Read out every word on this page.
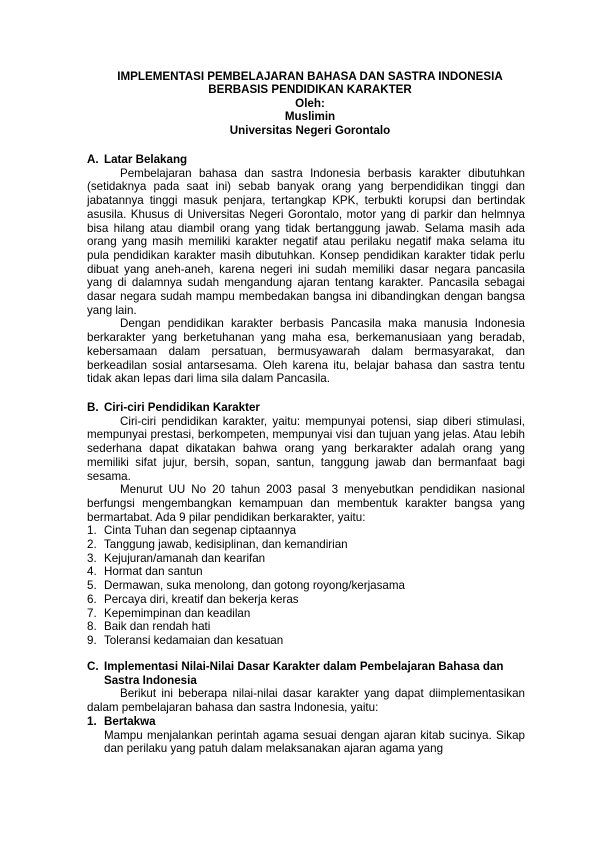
IMPLEMENTASI PEMBELAJARAN BAHASA DAN SASTRA INDONESIA
BERBASIS PENDIDIKAN KARAKTER
Oleh:
Muslimin
Universitas Negeri Gorontalo
A. Latar Belakang

Pembelajaran bahasa dan sastra Indonesia berbasis karakter dibutuhkan (setidaknya pada saat ini) sebab banyak orang yang berpendidikan tinggi dan jabatannya tinggi masuk penjara, tertangkap KPK, terbukti korupsi dan bertindak asusila. Khusus di Universitas Negeri Gorontalo, motor yang di parkir dan helmnya bisa hilang atau diambil orang yang tidak bertanggung jawab. Selama masih ada orang yang masih memiliki karakter negatif atau perilaku negatif maka selama itu pula pendidikan karakter masih dibutuhkan. Konsep pendidikan karakter tidak perlu dibuat yang aneh-aneh, karena negeri ini sudah memiliki dasar negara pancasila yang di dalamnya sudah mengandung ajaran tentang karakter. Pancasila sebagai dasar negara sudah mampu membedakan bangsa ini dibandingkan dengan bangsa yang lain.

Dengan pendidikan karakter berbasis Pancasila maka manusia Indonesia berkarakter yang berketuhanan yang maha esa, berkemanusiaan yang beradab, kebersamaan dalam persatuan, bermusyawarah dalam bermasyarakat, dan berkeadilan sosial antarsesama. Oleh karena itu, belajar bahasa dan sastra tentu tidak akan lepas dari lima sila dalam Pancasila.

B. Ciri-ciri Pendidikan Karakter

Ciri-ciri pendidikan karakter, yaitu: mempunyai potensi, siap diberi stimulasi, mempunyai prestasi, berkompeten, mempunyai visi dan tujuan yang jelas. Atau lebih sederhana dapat dikatakan bahwa orang yang berkarakter adalah orang yang memiliki sifat jujur, bersih, sopan, santun, tanggung jawab dan bermanfaat bagi sesama.

Menurut UU No 20 tahun 2003 pasal 3 menyebutkan pendidikan nasional berfungsi mengembangkan kemampuan dan membentuk karakter bangsa yang bermartabat. Ada 9 pilar pendidikan berkarakter, yaitu:

1. Cinta Tuhan dan segenap ciptaannya
2. Tanggung jawab, kedisiplinan, dan kemandirian
3. Kejujuran/amanah dan kearifan
4. Hormat dan santun
5. Dermawan, suka menolong, dan gotong royong/kerjasama
6. Percaya diri, kreatif dan bekerja keras
7. Kepemimpinan dan keadilan
8. Baik dan rendah hati
9. Toleransi kedamaian dan kesatuan
C. Implementasi Nilai-Nilai Dasar Karakter dalam Pembelajaran Bahasa dan Sastra Indonesia

Berikut ini beberapa nilai-nilai dasar karakter yang dapat diimplementasikan dalam pembelajaran bahasa dan sastra Indonesia, yaitu:

1. Bertakwa

Mampu menjalankan perintah agama sesuai dengan ajaran kitab sucinya. Sikap dan perilaku yang patuh dalam melaksanakan ajaran agama yang
